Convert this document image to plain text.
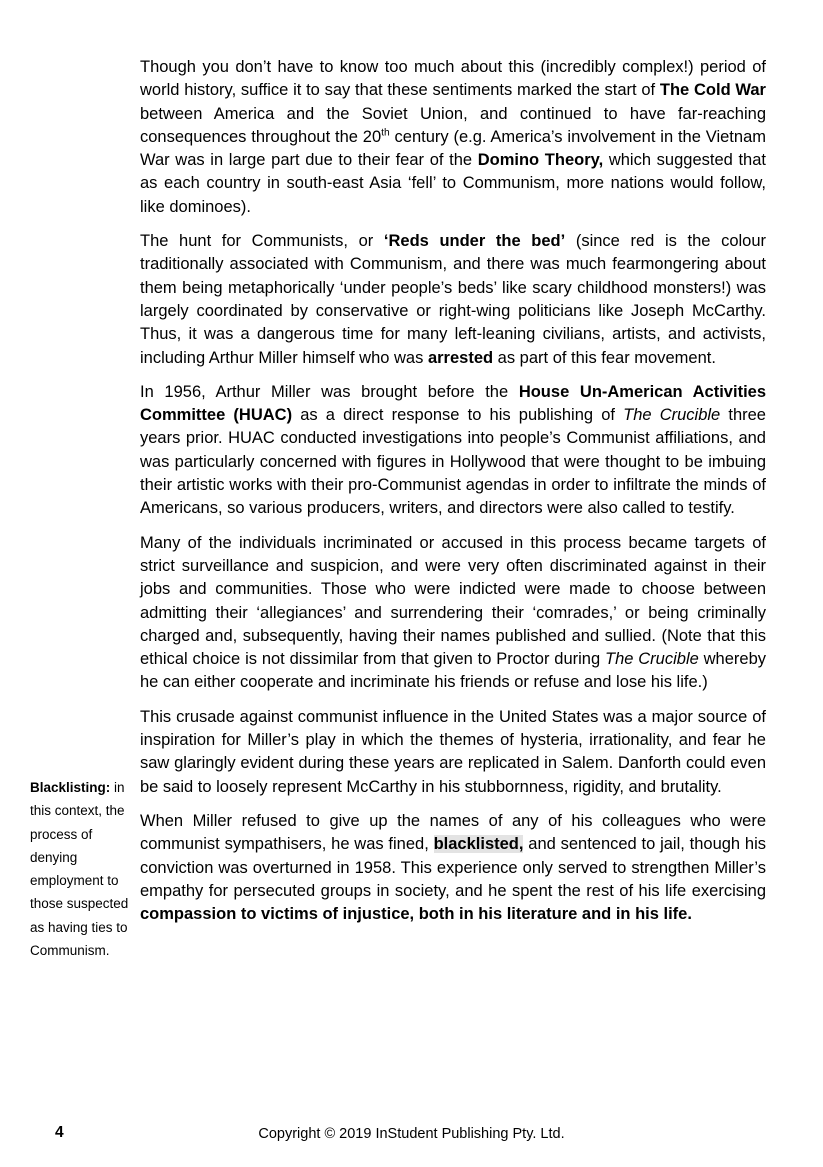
Blacklisting: in this context, the process of denying employment to those suspected as having ties to Communism.

Though you don’t have to know too much about this (incredibly complex!) period of world history, suffice it to say that these sentiments marked the start of The Cold War between America and the Soviet Union, and continued to have far-reaching consequences throughout the 20th century (e.g. America’s involvement in the Vietnam War was in large part due to their fear of the Domino Theory, which suggested that as each country in south-east Asia ‘fell’ to Communism, more nations would follow, like dominoes).

The hunt for Communists, or ‘Reds under the bed’ (since red is the colour traditionally associated with Communism, and there was much fearmongering about them being metaphorically ‘under people’s beds’ like scary childhood monsters!) was largely coordinated by conservative or right-wing politicians like Joseph McCarthy. Thus, it was a dangerous time for many left-leaning civilians, artists, and activists, including Arthur Miller himself who was arrested as part of this fear movement.

In 1956, Arthur Miller was brought before the House Un-American Activities Committee (HUAC) as a direct response to his publishing of The Crucible three years prior. HUAC conducted investigations into people’s Communist affiliations, and was particularly concerned with figures in Hollywood that were thought to be imbuing their artistic works with their pro-Communist agendas in order to infiltrate the minds of Americans, so various producers, writers, and directors were also called to testify.

Many of the individuals incriminated or accused in this process became targets of strict surveillance and suspicion, and were very often discriminated against in their jobs and communities. Those who were indicted were made to choose between admitting their ‘allegiances’ and surrendering their ‘comrades,’ or being criminally charged and, subsequently, having their names published and sullied. (Note that this ethical choice is not dissimilar from that given to Proctor during The Crucible whereby he can either cooperate and incriminate his friends or refuse and lose his life.)

This crusade against communist influence in the United States was a major source of inspiration for Miller’s play in which the themes of hysteria, irrationality, and fear he saw glaringly evident during these years are replicated in Salem. Danforth could even be said to loosely represent McCarthy in his stubbornness, rigidity, and brutality.

When Miller refused to give up the names of any of his colleagues who were communist sympathisers, he was fined, blacklisted, and sentenced to jail, though his conviction was overturned in 1958. This experience only served to strengthen Miller’s empathy for persecuted groups in society, and he spent the rest of his life exercising compassion to victims of injustice, both in his literature and in his life.

4	Copyright © 2019 InStudent Publishing Pty. Ltd.
